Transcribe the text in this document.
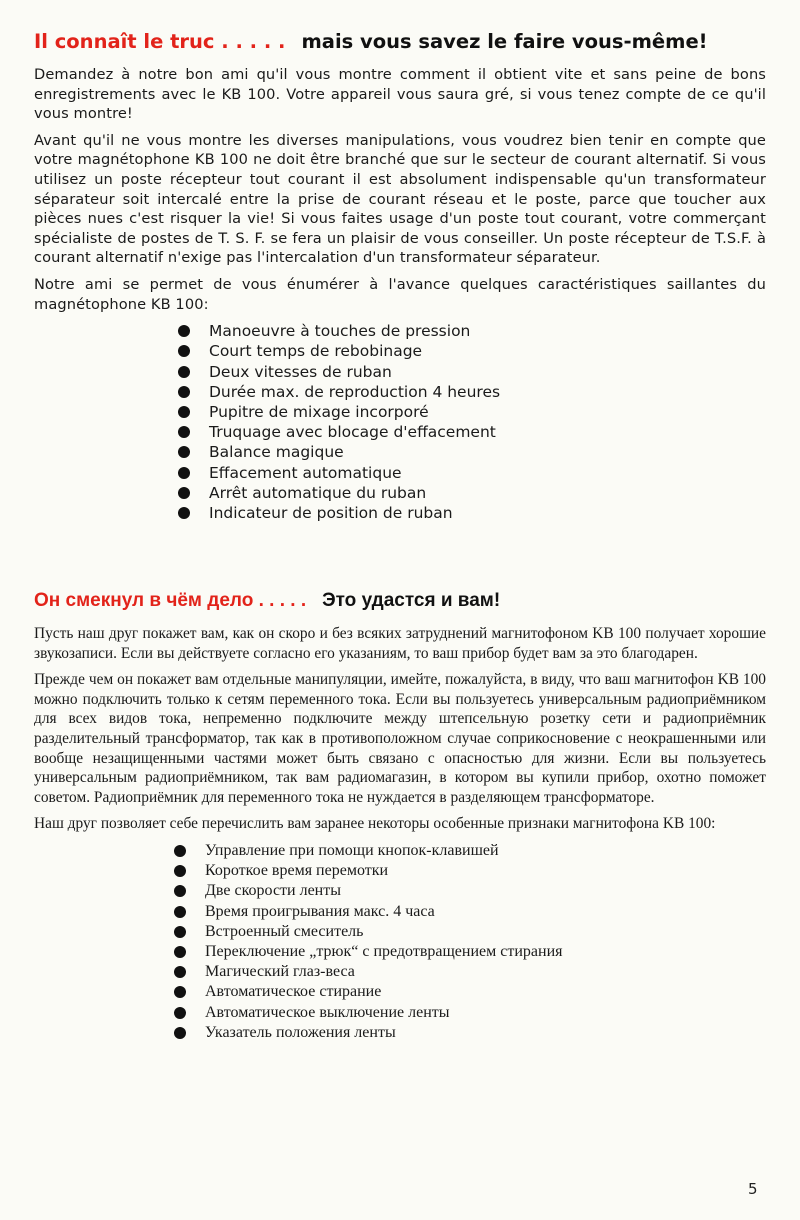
Il connaît le truc . . . . . mais vous savez le faire vous-même!

Demandez à notre bon ami qu'il vous montre comment il obtient vite et sans peine de bons enregistrements avec le KB 100. Votre appareil vous saura gré, si vous tenez compte de ce qu'il vous montre!

Avant qu'il ne vous montre les diverses manipulations, vous voudrez bien tenir en compte que votre magnétophone KB 100 ne doit être branché que sur le secteur de courant alternatif. Si vous utilisez un poste récepteur tout courant il est absolument indispensable qu'un transformateur séparateur soit intercalé entre la prise de courant réseau et le poste, parce que toucher aux pièces nues c'est risquer la vie! Si vous faites usage d'un poste tout courant, votre commerçant spécialiste de postes de T. S. F. se fera un plaisir de vous conseiller. Un poste récepteur de T.S.F. à courant alternatif n'exige pas l'intercalation d'un transformateur séparateur.

Notre ami se permet de vous énumérer à l'avance quelques caractéristiques saillantes du magnétophone KB 100:

Manoeuvre à touches de pression
Court temps de rebobinage
Deux vitesses de ruban
Durée max. de reproduction 4 heures
Pupitre de mixage incorporé
Truquage avec blocage d'effacement
Balance magique
Effacement automatique
Arrêt automatique du ruban
Indicateur de position de ruban
Он смекнул в чём дело . . . . . Это удастся и вам!

Пусть наш друг покажет вам, как он скоро и без всяких затруднений магнитофоном KB 100 получает хорошие звукозаписи. Если вы действуете согласно его указаниям, то ваш прибор будет вам за это благодарен.

Прежде чем он покажет вам отдельные манипуляции, имейте, пожалуйста, в виду, что ваш магнитофон KB 100 можно подключить только к сетям переменного тока. Если вы пользуетесь универсальным радиоприёмником для всех видов тока, непременно подключите между штепсельную розетку сети и радиоприёмник разделительный трансформатор, так как в противоположном случае соприкосновение с неокрашенными или вообще незащищенными частями может быть связано с опасностью для жизни. Если вы пользуетесь универсальным радиоприёмником, так вам радиомагазин, в котором вы купили прибор, охотно поможет советом. Радиоприёмник для переменного тока не нуждается в разделяющем трансформаторе.

Наш друг позволяет себе перечислить вам заранее некоторы особенные признаки магнитофона KB 100:

Управление при помощи кнопок-клавишей
Короткое время перемотки
Две скорости ленты
Время проигрывания макс. 4 часа
Встроенный смеситель
Переключение „трюк“ с предотвращением стирания
Магический глаз-веса
Автоматическое стирание
Автоматическое выключение ленты
Указатель положения ленты
5
